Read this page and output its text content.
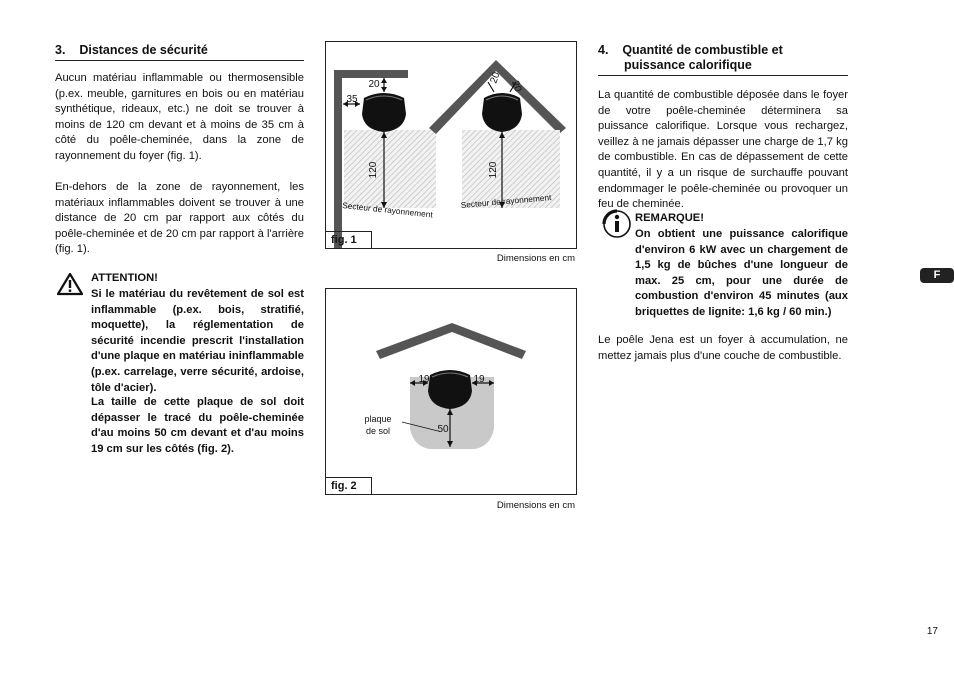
3.    Distances de sécurité
Aucun matériau inflammable ou thermosensible (p.ex. meuble, garnitures en bois ou en matériau synthétique, rideaux, etc.) ne doit se trouver à moins de 120 cm devant et à moins de 35 cm à côté du poêle-cheminée, dans la zone de rayonnement du foyer (fig. 1).
En-dehors de la zone de rayonnement, les matériaux inflammables doivent se trouver à une distance de 20 cm par rapport aux côtés du poêle-cheminée et de 20 cm par rapport à l'arrière (fig. 1).
ATTENTION!
Si le matériau du revêtement de sol est inflammable (p.ex. bois, stratifié, moquette), la réglementation de sécurité incendie prescrit l'installation d'une plaque en matériau ininflammable (p.ex. carrelage, verre sécurité, ardoise, tôle d'acier).
La taille de cette plaque de sol doit dépasser le tracé du poêle-cheminée d'au moins 50 cm devant et d'au moins 19 cm sur les côtés (fig. 2).
20
35
120
Secteur de rayonnement
20
20
120
Secteur de rayonnement
fig. 1
Dimensions en cm
19	19
50
plaque
de sol
fig. 2
Dimensions en cm
4.    Quantité de combustible et
puissance calorifique
La quantité de combustible déposée dans le foyer de votre poêle-cheminée déterminera sa puissance calorifique. Lorsque vous rechargez, veillez à ne jamais dépasser une charge de 1,7 kg de combustible. En cas de dépassement de cette quantité, il y a un risque de surchauffe pouvant endommager le poêle-cheminée ou provoquer un feu de cheminée.
REMARQUE!
On obtient une puissance calorifique d'environ 6 kW avec un chargement de 1,5 kg de bûches d'une longueur de max. 25 cm, pour une durée de combustion d'environ 45 minutes (aux briquettes de lignite: 1,6 kg / 60 min.)
Le poêle Jena est un foyer à accumulation, ne mettez jamais plus d'une couche de combustible.
F
17
